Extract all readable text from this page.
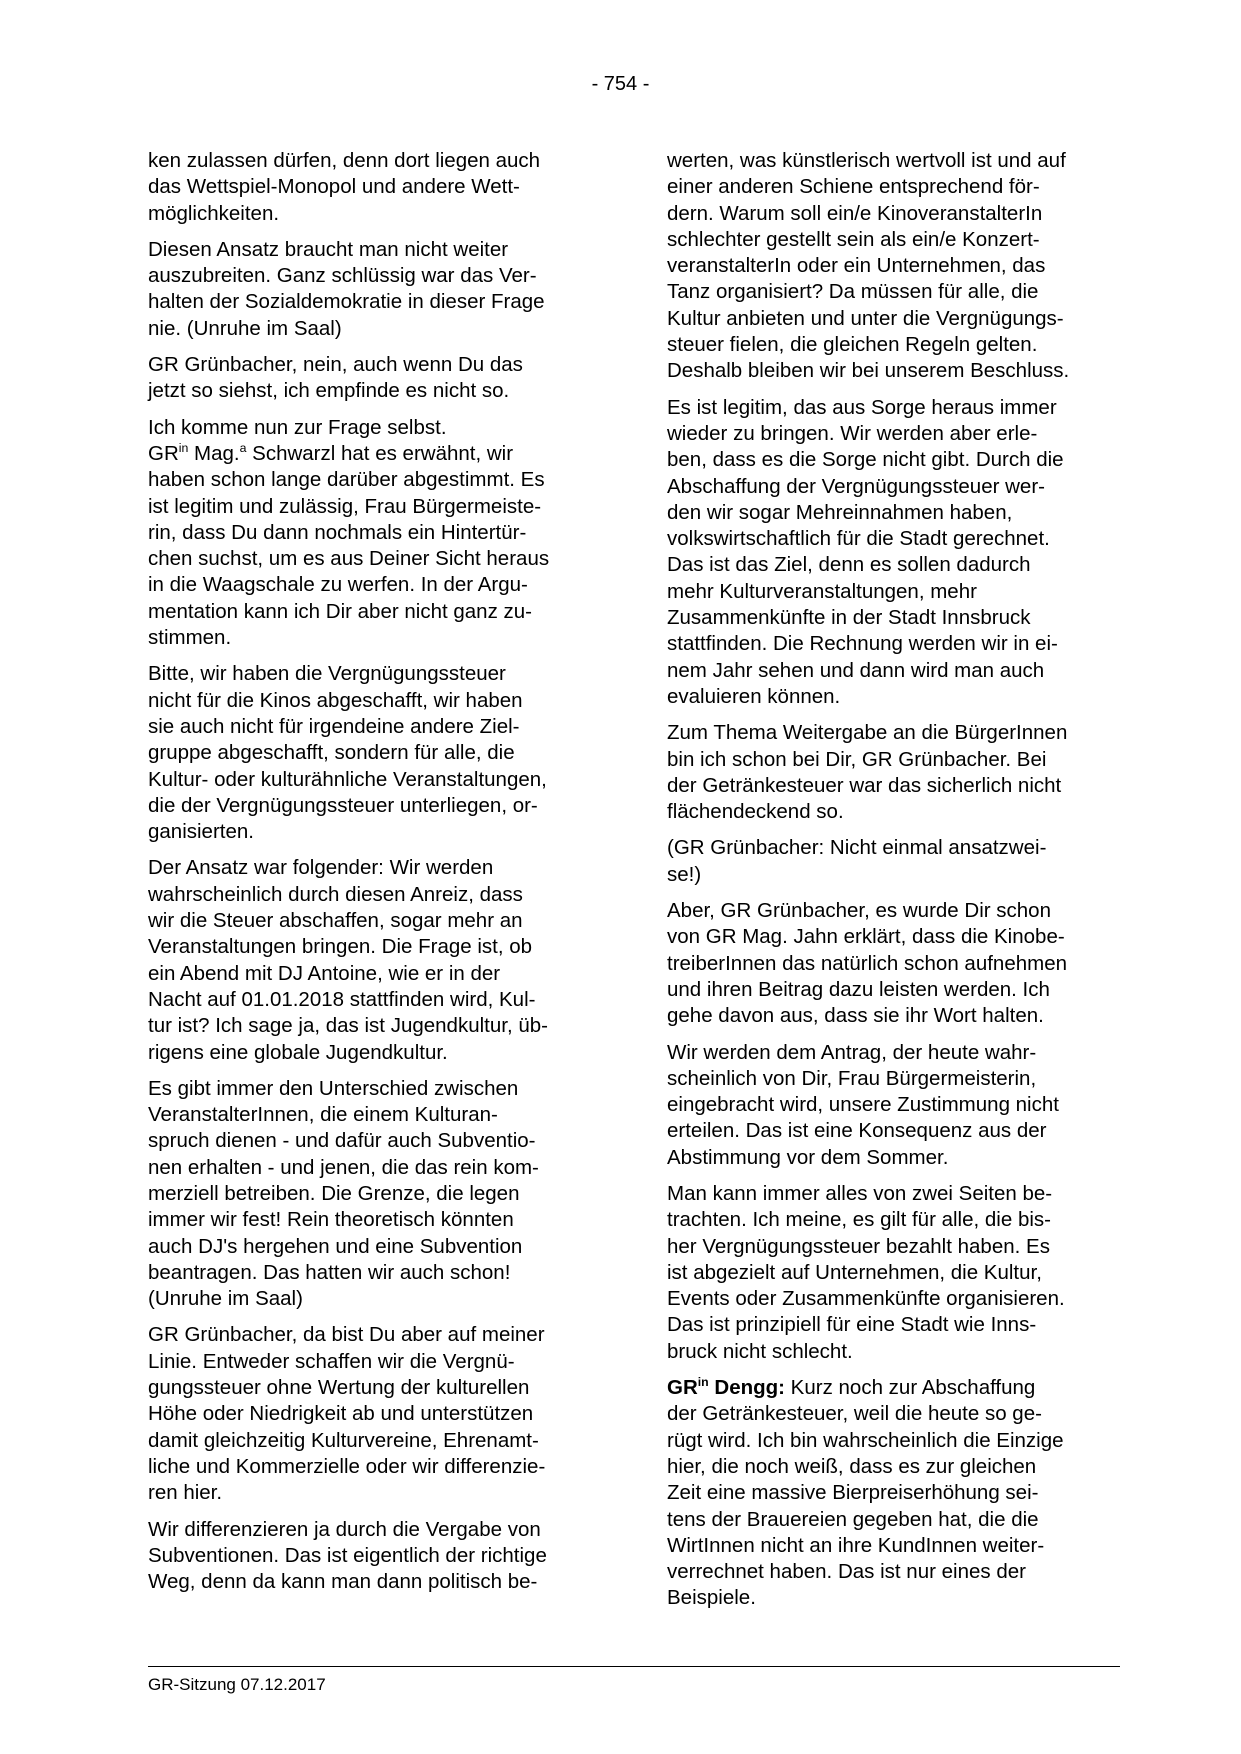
- 754 -

ken zulassen dürfen, denn dort liegen auch
das Wettspiel-Monopol und andere Wett-
möglichkeiten.

Diesen Ansatz braucht man nicht weiter
auszubreiten. Ganz schlüssig war das Ver-
halten der Sozialdemokratie in dieser Frage
nie. (Unruhe im Saal)

GR Grünbacher, nein, auch wenn Du das
jetzt so siehst, ich empfinde es nicht so.

Ich komme nun zur Frage selbst.
$GR^{in}$ Mag.$^a$ Schwarzl hat es erwähnt, wir
haben schon lange darüber abgestimmt. Es
ist legitim und zulässig, Frau Bürgermeiste-
rin, dass Du dann nochmals ein Hintertür-
chen suchst, um es aus Deiner Sicht heraus
in die Waagschale zu werfen. In der Argu-
mentation kann ich Dir aber nicht ganz zu-
stimmen.

Bitte, wir haben die Vergnügungssteuer
nicht für die Kinos abgeschafft, wir haben
sie auch nicht für irgendeine andere Ziel-
gruppe abgeschafft, sondern für alle, die
Kultur- oder kulturähnliche Veranstaltungen,
die der Vergnügungssteuer unterliegen, or-
ganisierten.

Der Ansatz war folgender: Wir werden
wahrscheinlich durch diesen Anreiz, dass
wir die Steuer abschaffen, sogar mehr an
Veranstaltungen bringen. Die Frage ist, ob
ein Abend mit DJ Antoine, wie er in der
Nacht auf 01.01.2018 stattfinden wird, Kul-
tur ist? Ich sage ja, das ist Jugendkultur, üb-
rigens eine globale Jugendkultur.

Es gibt immer den Unterschied zwischen
VeranstalterInnen, die einem Kulturan-
spruch dienen - und dafür auch Subventio-
nen erhalten - und jenen, die das rein kom-
merziell betreiben. Die Grenze, die legen
immer wir fest! Rein theoretisch könnten
auch DJ's hergehen und eine Subvention
beantragen. Das hatten wir auch schon!
(Unruhe im Saal)

GR Grünbacher, da bist Du aber auf meiner
Linie. Entweder schaffen wir die Vergnü-
gungssteuer ohne Wertung der kulturellen
Höhe oder Niedrigkeit ab und unterstützen
damit gleichzeitig Kulturvereine, Ehrenamt-
liche und Kommerzielle oder wir differenzie-
ren hier.

Wir differenzieren ja durch die Vergabe von
Subventionen. Das ist eigentlich der richtige
Weg, denn da kann man dann politisch be-

werten, was künstlerisch wertvoll ist und auf
einer anderen Schiene entsprechend för-
dern. Warum soll ein/e KinoveranstalterIn
schlechter gestellt sein als ein/e Konzert-
veranstalterIn oder ein Unternehmen, das
Tanz organisiert? Da müssen für alle, die
Kultur anbieten und unter die Vergnügungs-
steuer fielen, die gleichen Regeln gelten.
Deshalb bleiben wir bei unserem Beschluss.

Es ist legitim, das aus Sorge heraus immer
wieder zu bringen. Wir werden aber erle-
ben, dass es die Sorge nicht gibt. Durch die
Abschaffung der Vergnügungssteuer wer-
den wir sogar Mehreinnahmen haben,
volkswirtschaftlich für die Stadt gerechnet.
Das ist das Ziel, denn es sollen dadurch
mehr Kulturveranstaltungen, mehr
Zusammenkünfte in der Stadt Innsbruck
stattfinden. Die Rechnung werden wir in ei-
nem Jahr sehen und dann wird man auch
evaluieren können.

Zum Thema Weitergabe an die BürgerInnen
bin ich schon bei Dir, GR Grünbacher. Bei
der Getränkesteuer war das sicherlich nicht
flächendeckend so.

(GR Grünbacher: Nicht einmal ansatzwei-
se!)

Aber, GR Grünbacher, es wurde Dir schon
von GR Mag. Jahn erklärt, dass die Kinobe-
treiberInnen das natürlich schon aufnehmen
und ihren Beitrag dazu leisten werden. Ich
gehe davon aus, dass sie ihr Wort halten.

Wir werden dem Antrag, der heute wahr-
scheinlich von Dir, Frau Bürgermeisterin,
eingebracht wird, unsere Zustimmung nicht
erteilen. Das ist eine Konsequenz aus der
Abstimmung vor dem Sommer.

Man kann immer alles von zwei Seiten be-
trachten. Ich meine, es gilt für alle, die bis-
her Vergnügungssteuer bezahlt haben. Es
ist abgezielt auf Unternehmen, die Kultur,
Events oder Zusammenkünfte organisieren.
Das ist prinzipiell für eine Stadt wie Inns-
bruck nicht schlecht.

$GR^{in}$ Dengg: Kurz noch zur Abschaffung
der Getränkesteuer, weil die heute so ge-
rügt wird. Ich bin wahrscheinlich die Einzige
hier, die noch weiß, dass es zur gleichen
Zeit eine massive Bierpreiserhöhung sei-
tens der Brauereien gegeben hat, die die
WirtInnen nicht an ihre KundInnen weiter-
verrechnet haben. Das ist nur eines der
Beispiele.

GR-Sitzung 07.12.2017
